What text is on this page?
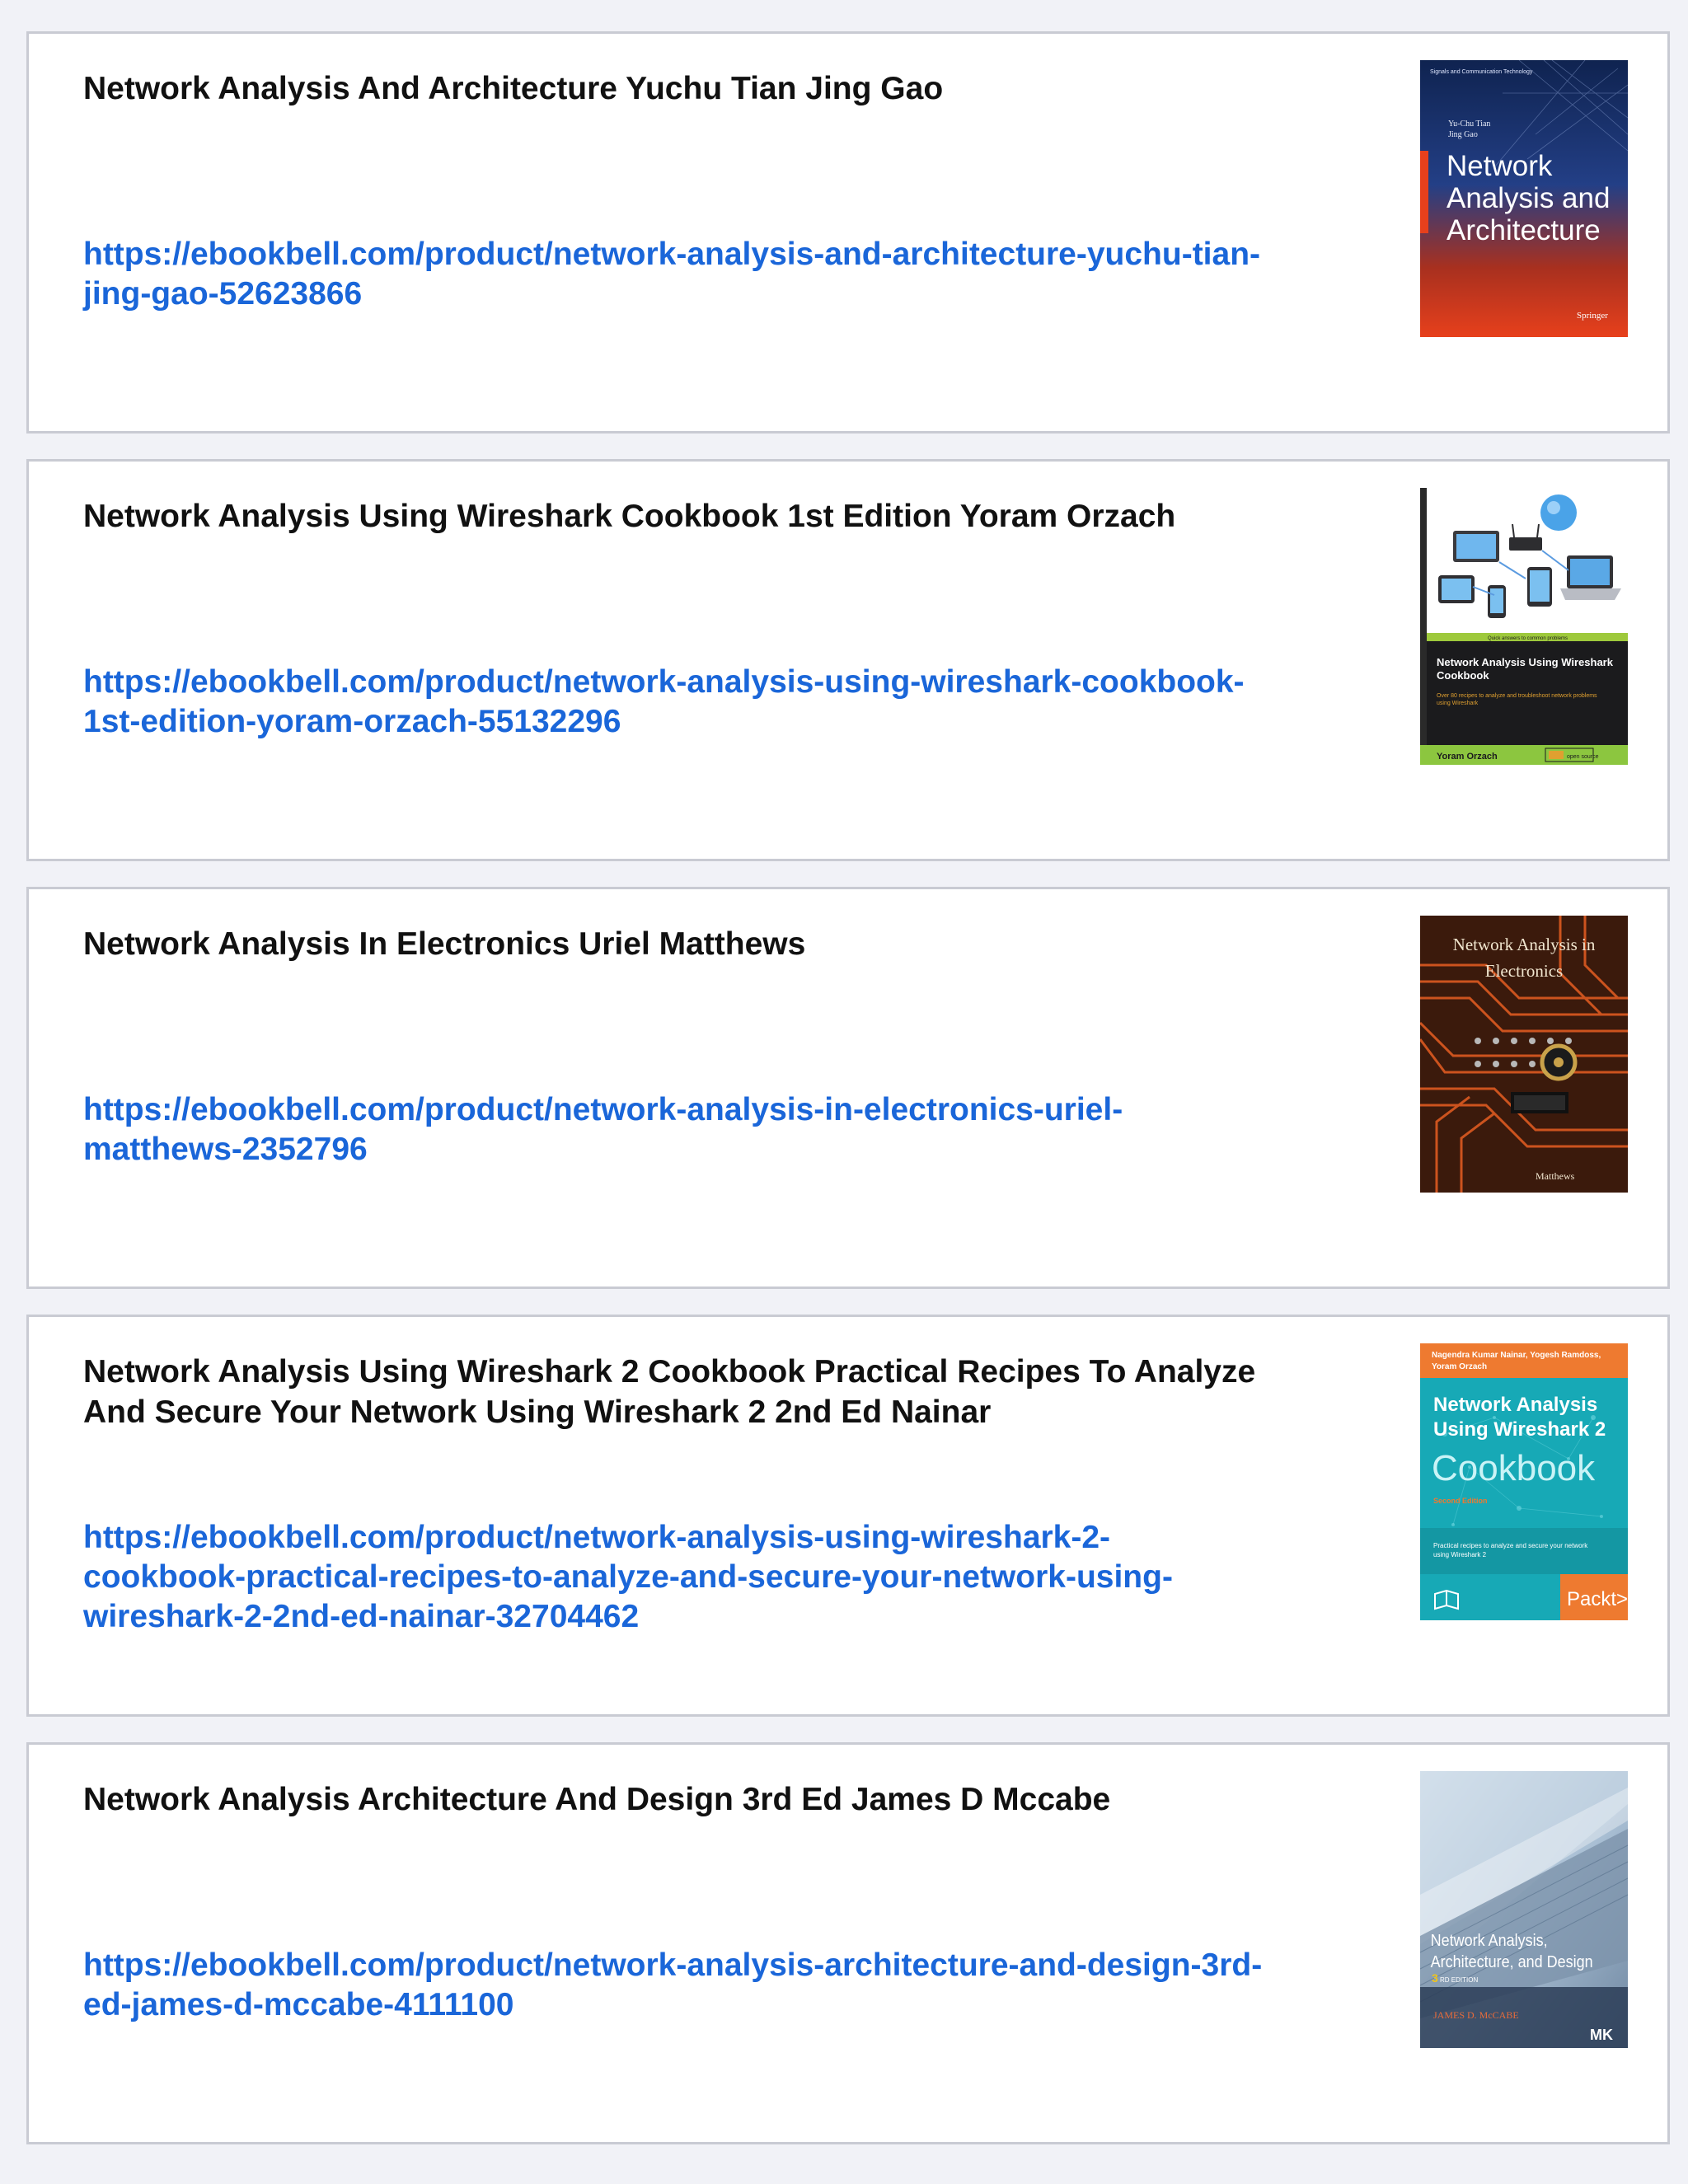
Network Analysis And Architecture Yuchu Tian Jing Gao
https://ebookbell.com/product/network-analysis-and-architecture-yuchu-tian-jing-gao-52623866
Signals and Communication Technology
Yu-Chu Tian
Jing Gao
Network
Analysis and
Architecture
Springer
Network Analysis Using Wireshark Cookbook 1st Edition Yoram Orzach
https://ebookbell.com/product/network-analysis-using-wireshark-cookbook-1st-edition-yoram-orzach-55132296
Quick answers to common problems
Network Analysis Using Wireshark
Cookbook
Over 80 recipes to analyze and troubleshoot network problems
using Wireshark
Yoram Orzach	open source
Network Analysis In Electronics Uriel Matthews
https://ebookbell.com/product/network-analysis-in-electronics-uriel-matthews-2352796
Network Analysis in
Electronics
Matthews
Network Analysis Using Wireshark 2 Cookbook Practical Recipes To Analyze And Secure Your Network Using Wireshark 2 2nd Ed Nainar
https://ebookbell.com/product/network-analysis-using-wireshark-2-cookbook-practical-recipes-to-analyze-and-secure-your-network-using-wireshark-2-2nd-ed-nainar-32704462
Nagendra Kumar Nainar, Yogesh Ramdoss,
Yoram Orzach
Network Analysis
Using Wireshark 2
Cookbook
Second Edition
Practical recipes to analyze and secure your network
using Wireshark 2
Packt>
Network Analysis Architecture And Design 3rd Ed James D Mccabe
https://ebookbell.com/product/network-analysis-architecture-and-design-3rd-ed-james-d-mccabe-4111100
Network Analysis,
Architecture, and Design
3 RD EDITION
JAMES D. McCABE
MK
